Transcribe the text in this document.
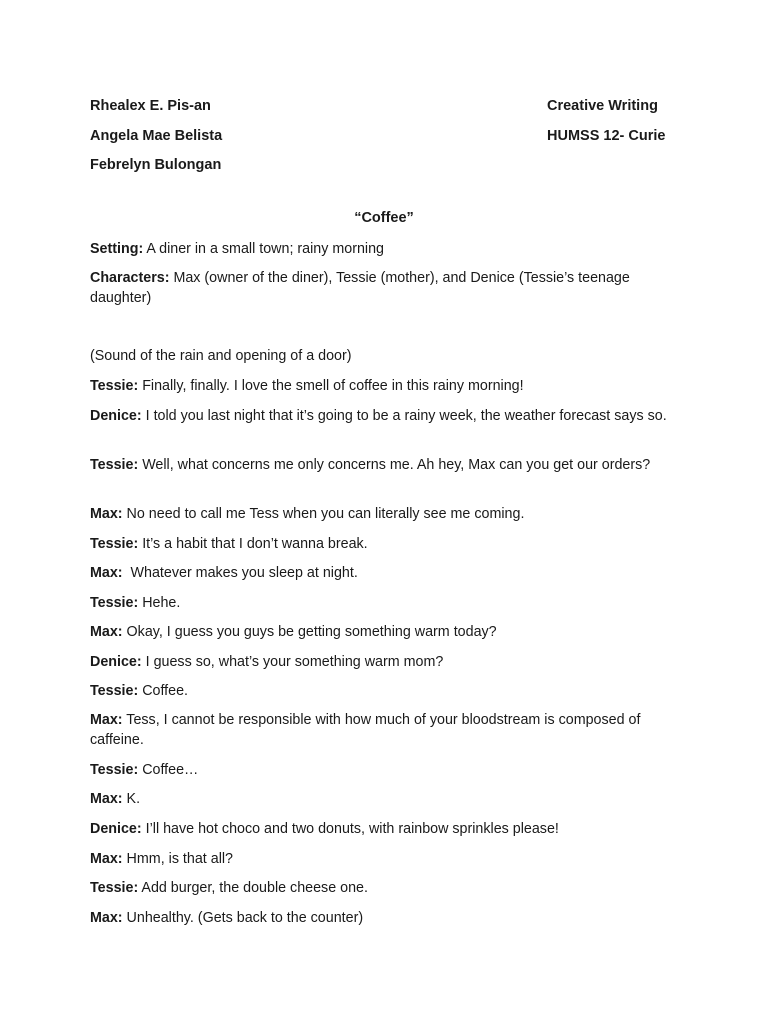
Rhealex E. Pis-an
Angela Mae Belista
Febrelyn Bulongan
Creative Writing
HUMSS 12- Curie
“Coffee”
Setting: A diner in a small town; rainy morning
Characters: Max (owner of the diner), Tessie (mother), and Denice (Tessie’s teenage daughter)
(Sound of the rain and opening of a door)
Tessie: Finally, finally. I love the smell of coffee in this rainy morning!
Denice: I told you last night that it’s going to be a rainy week, the weather forecast says so.
Tessie: Well, what concerns me only concerns me. Ah hey, Max can you get our orders?
Max: No need to call me Tess when you can literally see me coming.
Tessie: It’s a habit that I don’t wanna break.
Max:  Whatever makes you sleep at night.
Tessie: Hehe.
Max: Okay, I guess you guys be getting something warm today?
Denice: I guess so, what’s your something warm mom?
Tessie: Coffee.
Max: Tess, I cannot be responsible with how much of your bloodstream is composed of caffeine.
Tessie: Coffee…
Max: K.
Denice: I’ll have hot choco and two donuts, with rainbow sprinkles please!
Max: Hmm, is that all?
Tessie: Add burger, the double cheese one.
Max: Unhealthy. (Gets back to the counter)
